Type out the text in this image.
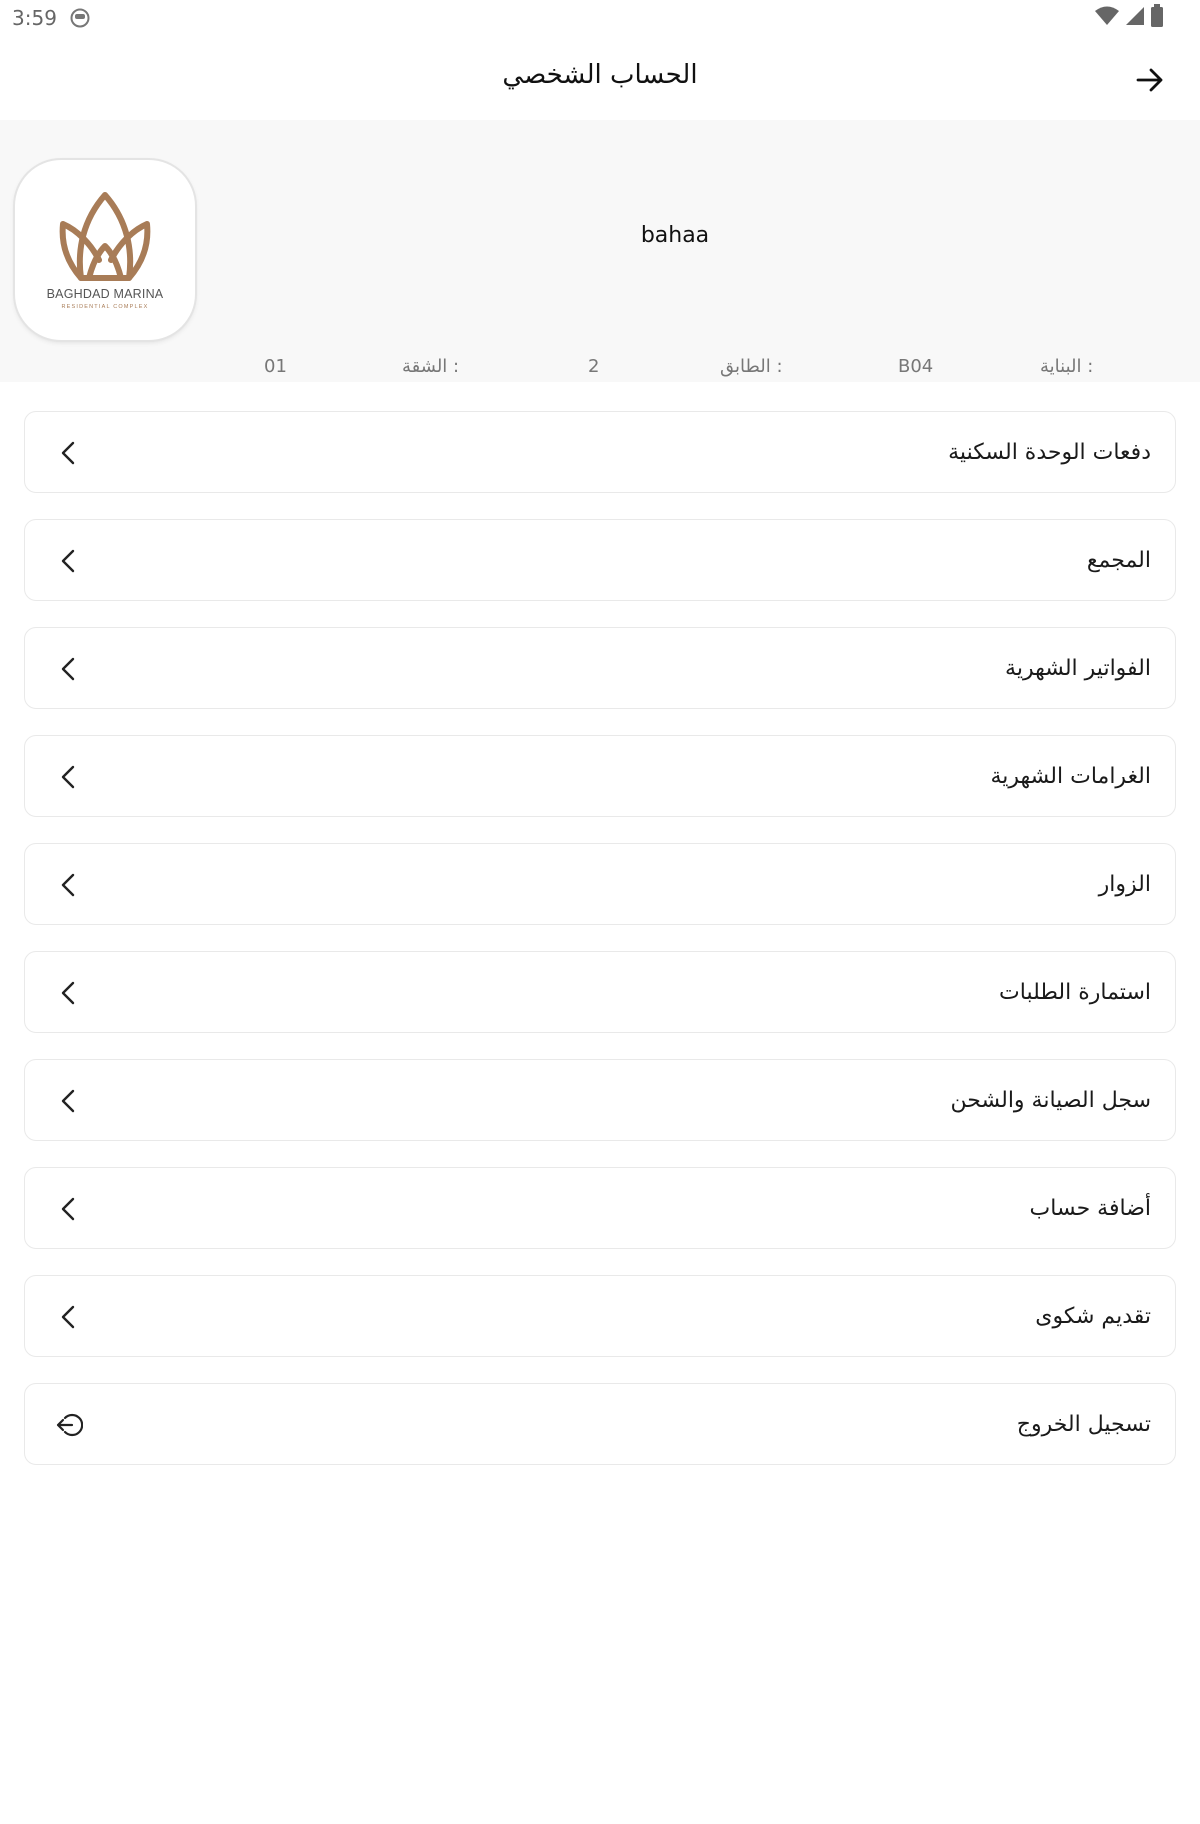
3:59
الحساب الشخصي
BAGHDAD MARINA
RESIDENTIAL COMPLEX
bahaa
البناية :
B04
الطابق :
2
الشقة :
01
دفعات الوحدة السكنية
المجمع
الفواتير الشهرية
الغرامات الشهرية
الزوار
استمارة الطلبات
سجل الصيانة والشحن
أضافة حساب
تقديم شكوى
تسجيل الخروج
